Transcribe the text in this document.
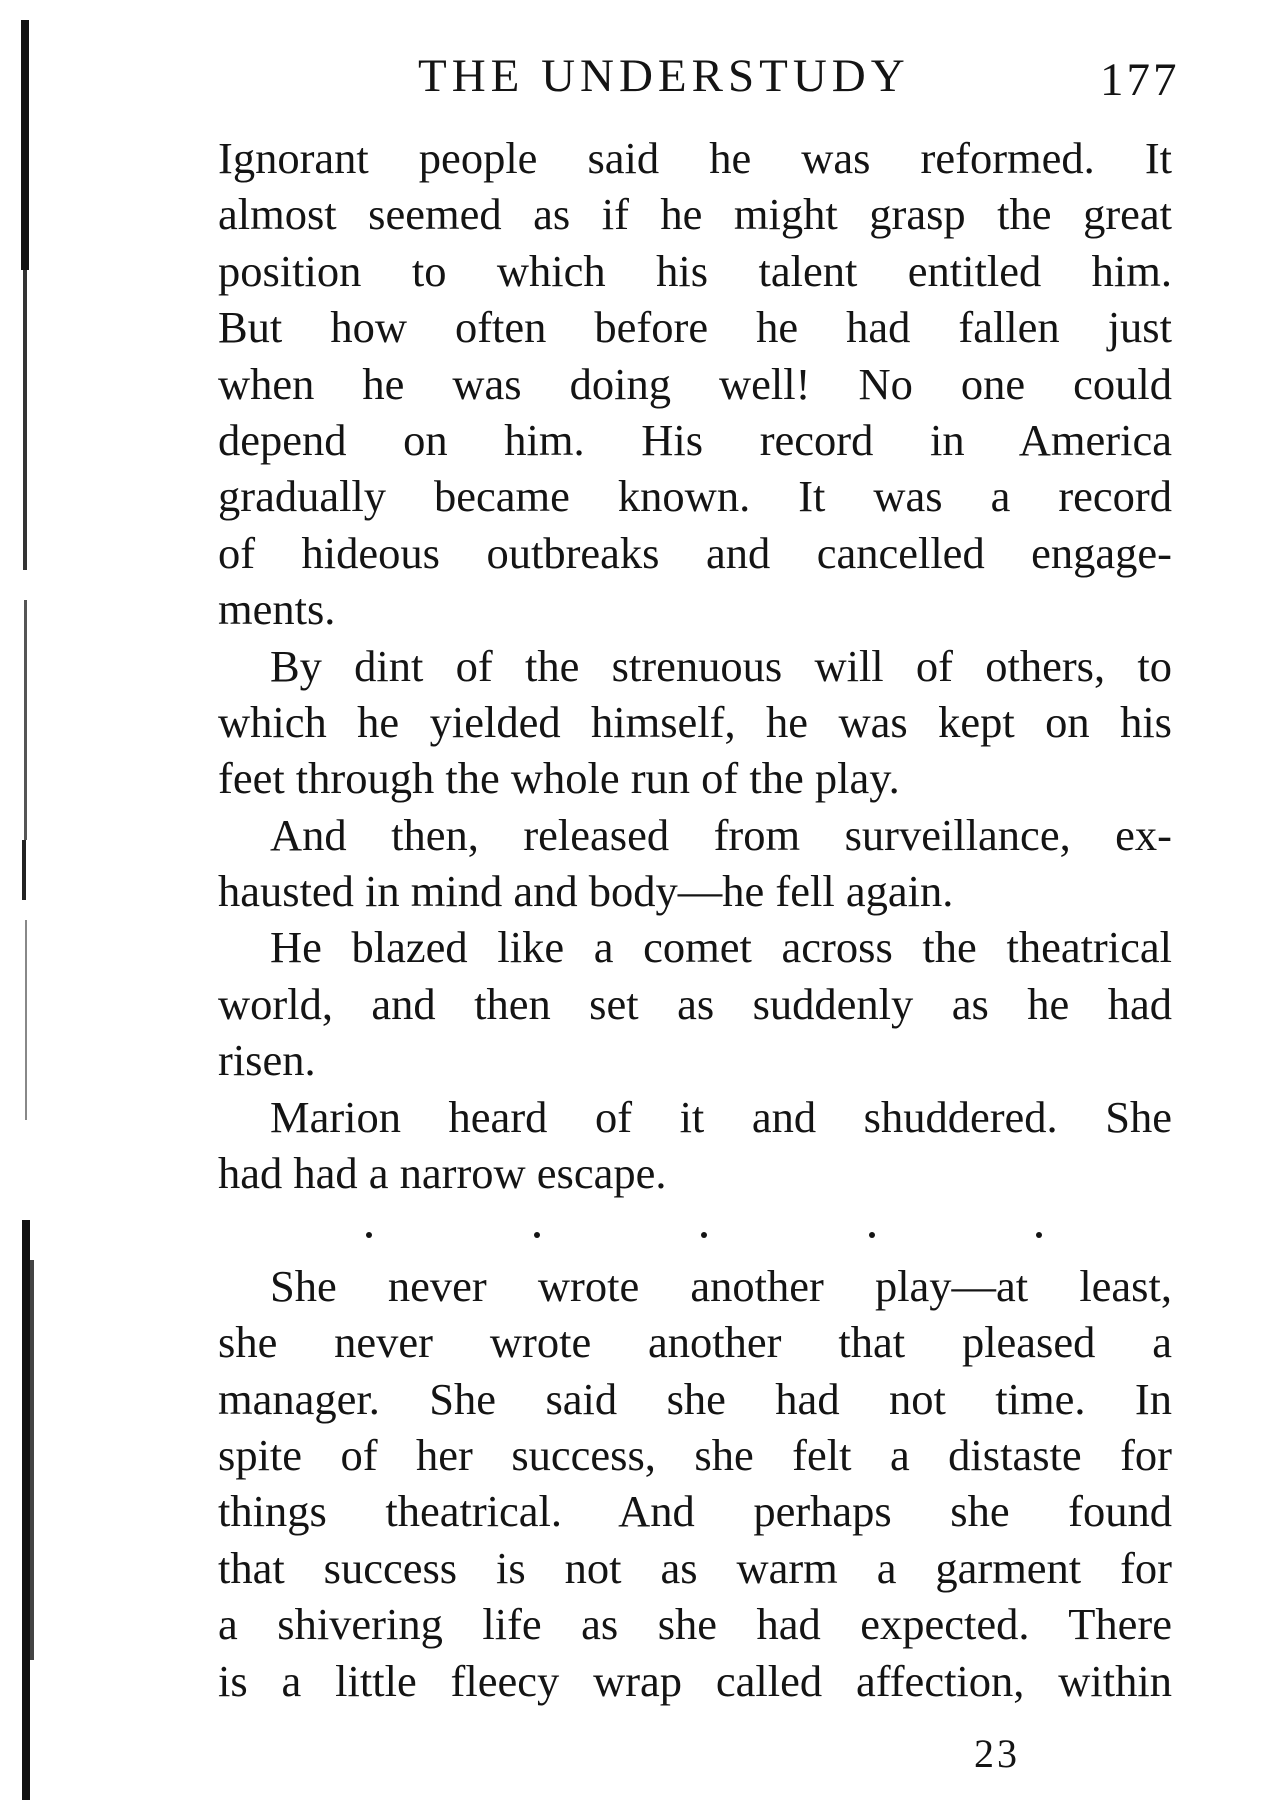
THE UNDERSTUDY	177
Ignorant people said he was reformed. It
almost seemed as if he might grasp the great
position to which his talent entitled him.
But how often before he had fallen just
when he was doing well! No one could
depend on him. His record in America
gradually became known. It was a record
of hideous outbreaks and cancelled engage-
ments.
By dint of the strenuous will of others, to
which he yielded himself, he was kept on his
feet through the whole run of the play.
And then, released from surveillance, ex-
hausted in mind and body—he fell again.
He blazed like a comet across the theatrical
world, and then set as suddenly as he had
risen.
Marion heard of it and shuddered. She
had had a narrow escape.
She never wrote another play—at least,
she never wrote another that pleased a
manager. She said she had not time. In
spite of her success, she felt a distaste for
things theatrical. And perhaps she found
that success is not as warm a garment for
a shivering life as she had expected. There
is a little fleecy wrap called affection, within
23
